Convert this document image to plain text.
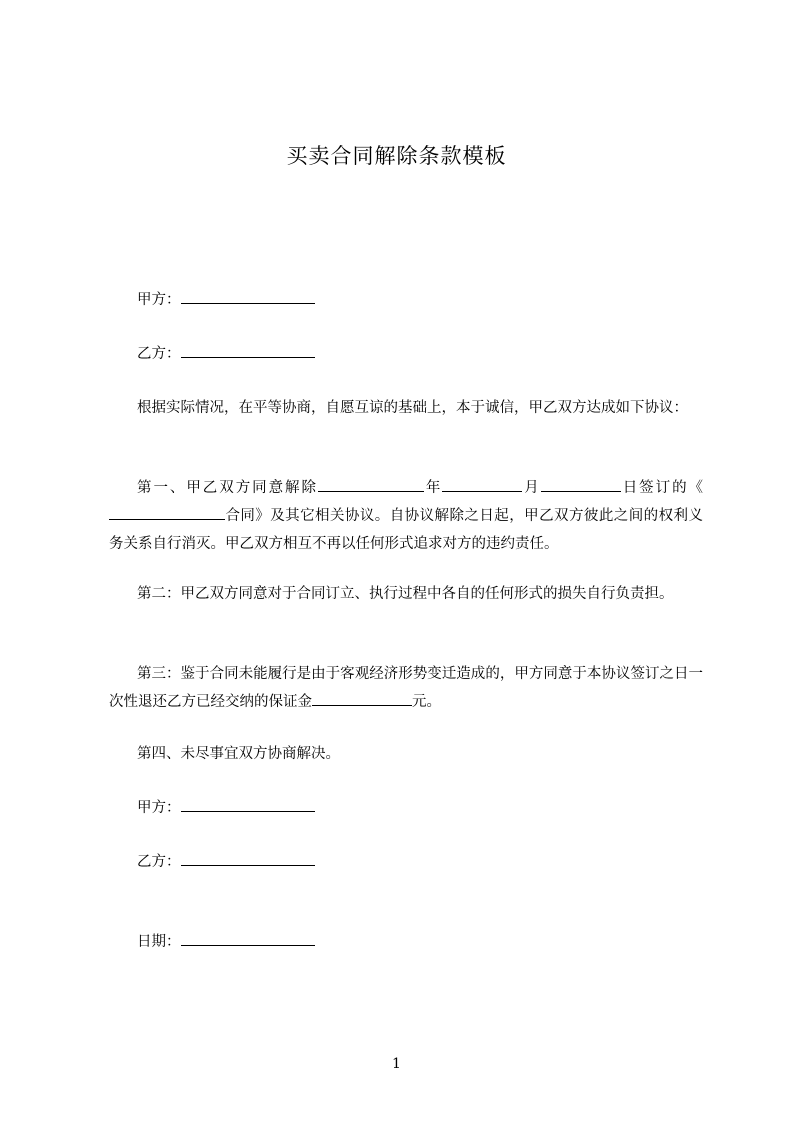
买卖合同解除条款模板
甲方：
乙方：
根据实际情况，在平等协商，自愿互谅的基础上，本于诚信，甲乙双方达成如下协议：
第一、甲乙双方同意解除	年	月	日签订的《合同》及其它相关协议。自协议解除之日起，甲乙双方彼此之间的权利义务关系自行消灭。甲乙双方相互不再以任何形式追求对方的违约责任。
第二：甲乙双方同意对于合同订立、执行过程中各自的任何形式的损失自行负责担。
第三：鉴于合同未能履行是由于客观经济形势变迁造成的，甲方同意于本协议签订之日一次性退还乙方已经交纳的保证金	元。
第四、未尽事宜双方协商解决。
甲方：
乙方：
日期：
1
